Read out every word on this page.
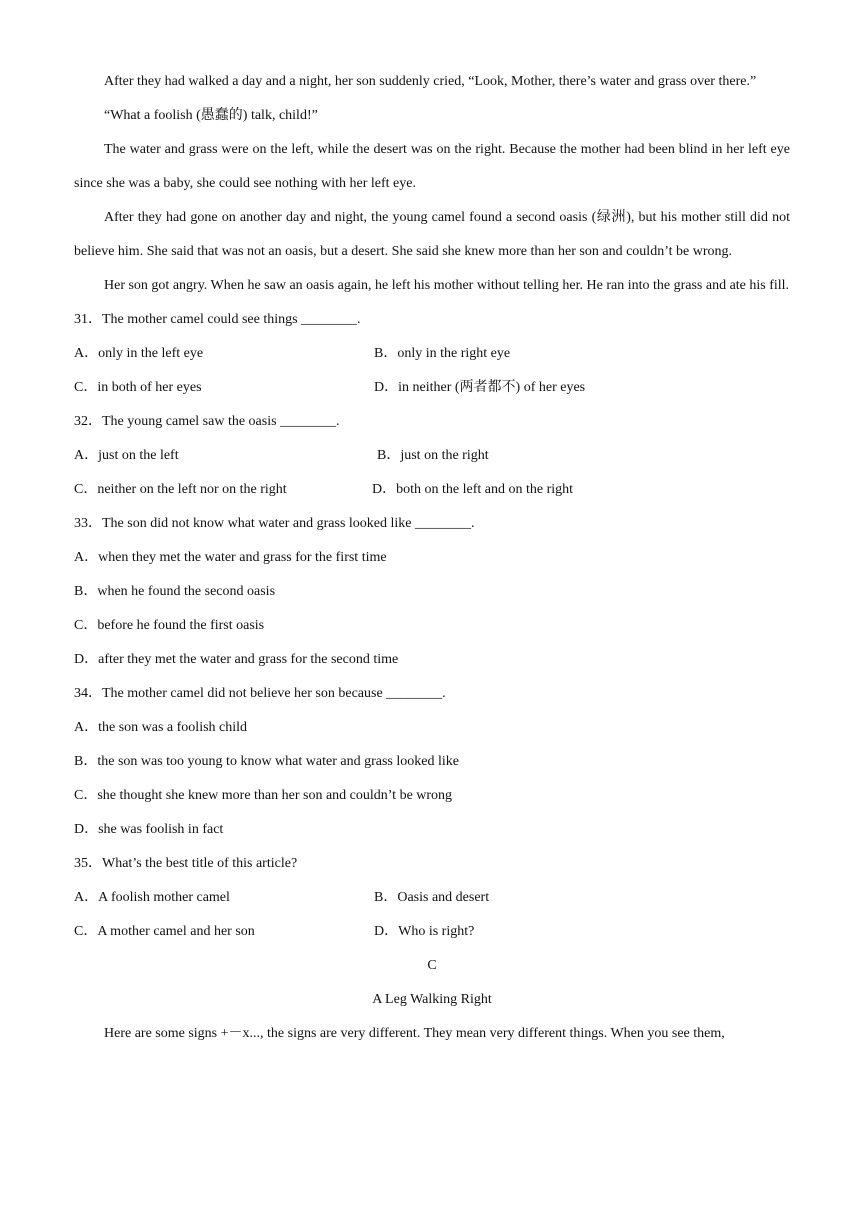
After they had walked a day and a night, her son suddenly cried, “Look, Mother, there’s water and grass over there.”

“What a foolish (愚蠢的) talk, child!”

The water and grass were on the left, while the desert was on the right. Because the mother had been blind in her left eye since she was a baby, she could see nothing with her left eye.

After they had gone on another day and night, the young camel found a second oasis (绿洲), but his mother still did not believe him. She said that was not an oasis, but a desert. She said she knew more than her son and couldn’t be wrong.

Her son got angry. When he saw an oasis again, he left his mother without telling her. He ran into the grass and ate his fill.

31．The mother camel could see things ________.
A．only in the left eye	B．only in the right eye
C．in both of her eyes	D．in neither (两者都不) of her eyes
32．The young camel saw the oasis ________.
A．just on the left	B．just on the right
C．neither on the left nor on the right	D．both on the left and on the right
33．The son did not know what water and grass looked like ________.
A．when they met the water and grass for the first time
B．when he found the second oasis
C．before he found the first oasis
D．after they met the water and grass for the second time
34．The mother camel did not believe her son because ________.
A．the son was a foolish child
B．the son was too young to know what water and grass looked like
C．she thought she knew more than her son and couldn’t be wrong
D．she was foolish in fact
35．What’s the best title of this article?
A．A foolish mother camel	B．Oasis and desert
C．A mother camel and her son	D．Who is right?
C
A Leg Walking Right
Here are some signs +－x..., the signs are very different. They mean very different things. When you see them,
